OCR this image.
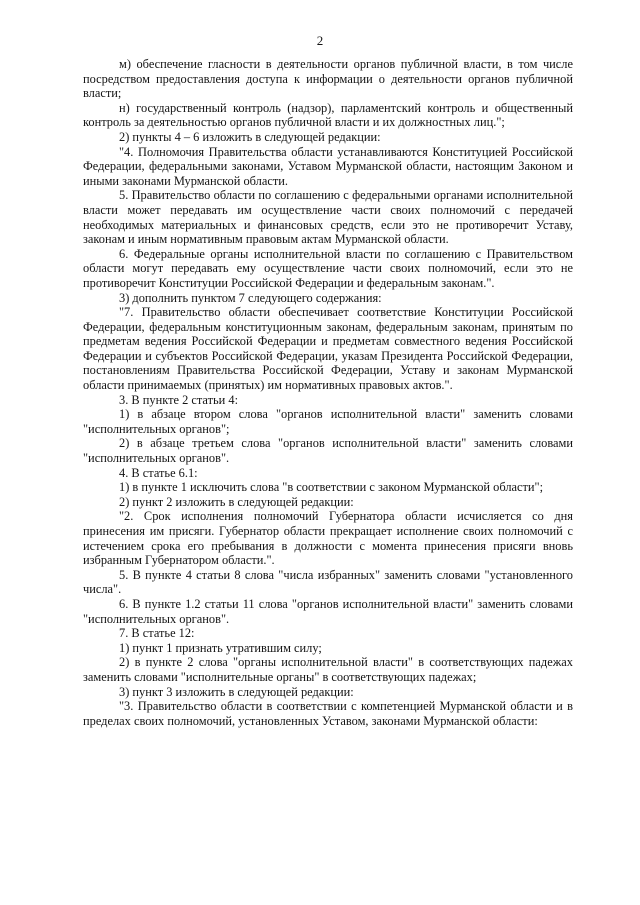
2

м) обеспечение гласности в деятельности органов публичной власти, в том числе посредством предоставления доступа к информации о деятельности органов публичной власти;

н) государственный контроль (надзор), парламентский контроль и общественный контроль за деятельностью органов публичной власти и их должностных лиц.";

2) пункты 4 – 6 изложить в следующей редакции:

"4. Полномочия Правительства области устанавливаются Конституцией Российской Федерации, федеральными законами, Уставом Мурманской области, настоящим Законом и иными законами Мурманской области.

5. Правительство области по соглашению с федеральными органами исполнительной власти может передавать им осуществление части своих полномочий с передачей необходимых материальных и финансовых средств, если это не противоречит Уставу, законам и иным нормативным правовым актам Мурманской области.

6. Федеральные органы исполнительной власти по соглашению с Правительством области могут передавать ему осуществление части своих полномочий, если это не противоречит Конституции Российской Федерации и федеральным законам.".

3) дополнить пунктом 7 следующего содержания:

"7. Правительство области обеспечивает соответствие Конституции Российской Федерации, федеральным конституционным законам, федеральным законам, принятым по предметам ведения Российской Федерации и предметам совместного ведения Российской Федерации и субъектов Российской Федерации, указам Президента Российской Федерации, постановлениям Правительства Российской Федерации, Уставу и законам Мурманской области принимаемых (принятых) им нормативных правовых актов.".

3. В пункте 2 статьи 4:

1) в абзаце втором слова "органов исполнительной власти" заменить словами "исполнительных органов";

2) в абзаце третьем слова "органов исполнительной власти" заменить словами "исполнительных органов".

4. В статье 6.1:

1) в пункте 1 исключить слова "в соответствии с законом Мурманской области";

2) пункт 2 изложить в следующей редакции:

"2. Срок исполнения полномочий Губернатора области исчисляется со дня принесения им присяги. Губернатор области прекращает исполнение своих полномочий с истечением срока его пребывания в должности с момента принесения присяги вновь избранным Губернатором области.".

5. В пункте 4 статьи 8 слова "числа избранных" заменить словами "установленного числа".

6. В пункте 1.2 статьи 11 слова "органов исполнительной власти" заменить словами "исполнительных органов".

7. В статье 12:

1) пункт 1 признать утратившим силу;

2) в пункте 2 слова "органы исполнительной власти" в соответствующих падежах заменить словами "исполнительные органы" в соответствующих падежах;

3) пункт 3 изложить в следующей редакции:

"3. Правительство области в соответствии с компетенцией Мурманской области и в пределах своих полномочий, установленных Уставом, законами Мурманской области:
